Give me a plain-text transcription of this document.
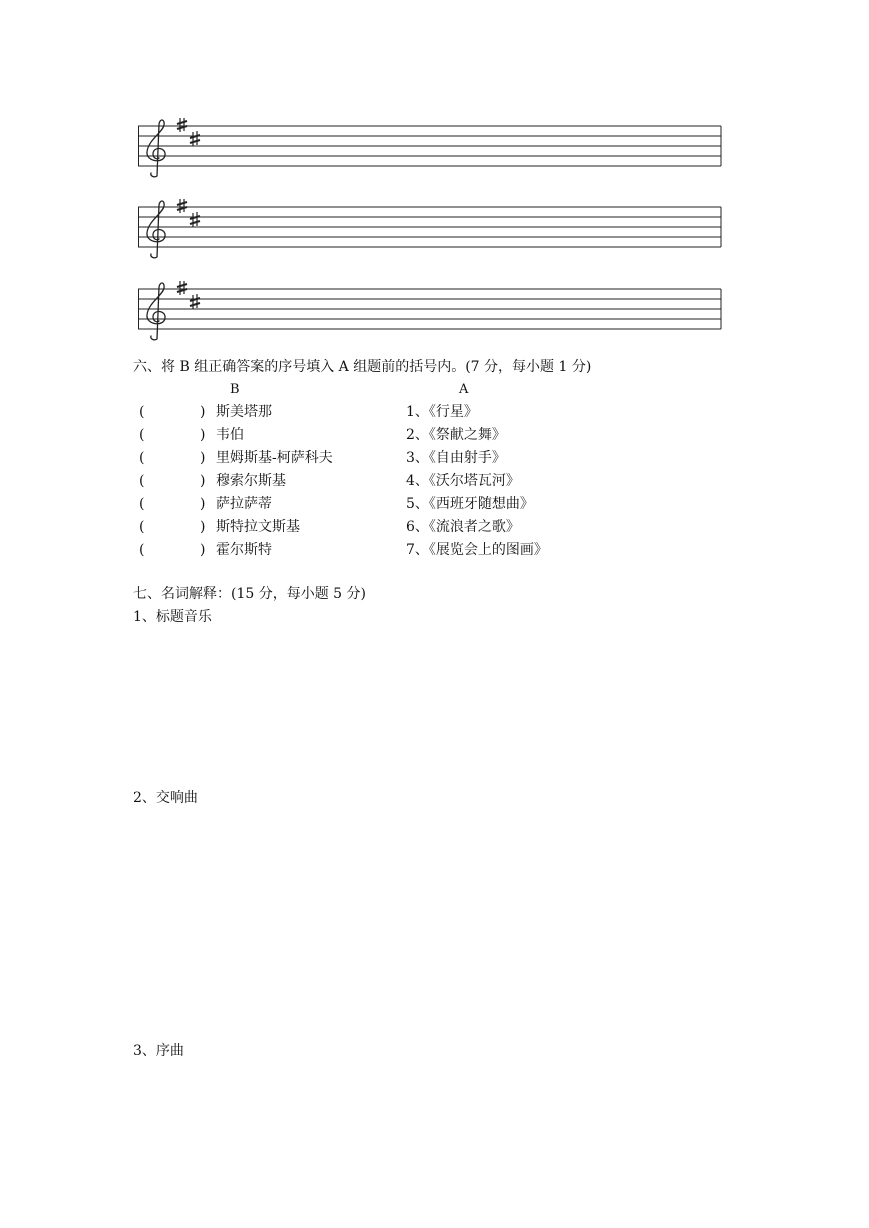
六、将 B 组正确答案的序号填入 A 组题前的括号内。(7 分，每小题 1 分)
B	A
(	) 斯美塔那	1、《行星》
(	) 韦伯	2、《祭献之舞》
(	) 里姆斯基-柯萨科夫	3、《自由射手》
(	) 穆索尔斯基	4、《沃尔塔瓦河》
(	) 萨拉萨蒂	5、《西班牙随想曲》
(	) 斯特拉文斯基	6、《流浪者之歌》
(	) 霍尔斯特	7、《展览会上的图画》
七、名词解释：(15 分，每小题 5 分)
1、标题音乐
2、交响曲
3、序曲
